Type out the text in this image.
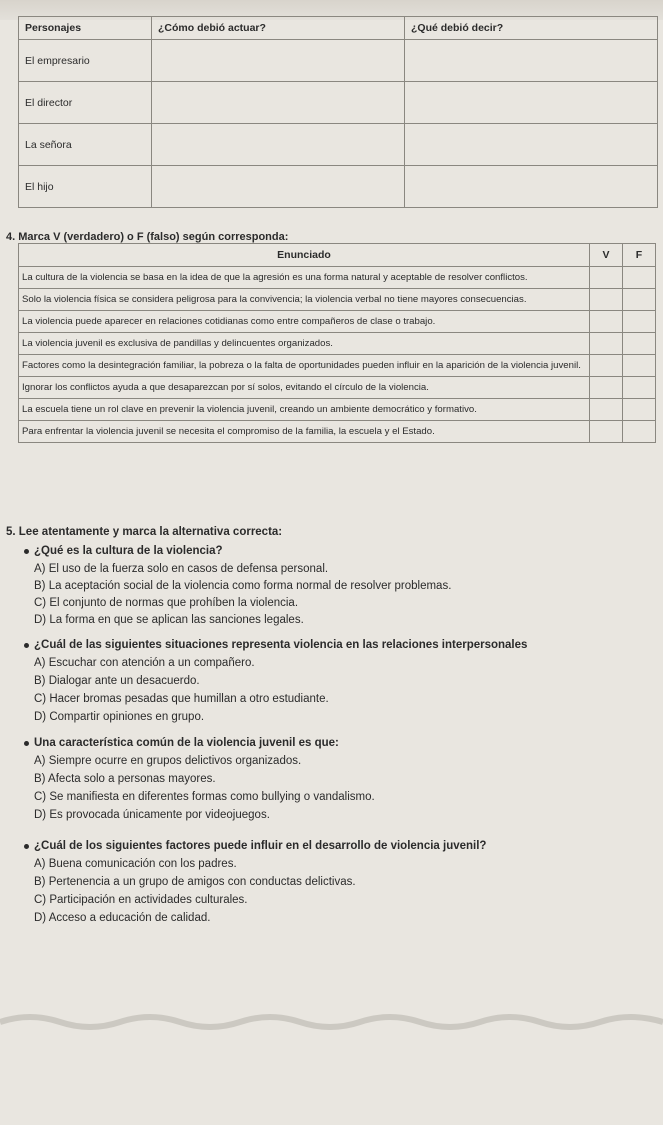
Personajes	¿Cómo debió actuar?	¿Qué debió decir?
El empresario		
El director		
La señora		
El hijo		
4. Marca V (verdadero) o F (falso) según corresponda:
Enunciado	V	F
La cultura de la violencia se basa en la idea de que la agresión es una forma natural y aceptable de resolver conflictos.		
Solo la violencia física se considera peligrosa para la convivencia; la violencia verbal no tiene mayores consecuencias.		
La violencia puede aparecer en relaciones cotidianas como entre compañeros de clase o trabajo.		
La violencia juvenil es exclusiva de pandillas y delincuentes organizados.		
Factores como la desintegración familiar, la pobreza o la falta de oportunidades pueden influir en la aparición de la violencia juvenil.		
Ignorar los conflictos ayuda a que desaparezcan por sí solos, evitando el círculo de la violencia.		
La escuela tiene un rol clave en prevenir la violencia juvenil, creando un ambiente democrático y formativo.		
Para enfrentar la violencia juvenil se necesita el compromiso de la familia, la escuela y el Estado.		
5. Lee atentamente y marca la alternativa correcta:
¿Qué es la cultura de la violencia?
A) El uso de la fuerza solo en casos de defensa personal.
B) La aceptación social de la violencia como forma normal de resolver problemas.
C) El conjunto de normas que prohíben la violencia.
D) La forma en que se aplican las sanciones legales.
¿Cuál de las siguientes situaciones representa violencia en las relaciones interpersonales
A) Escuchar con atención a un compañero.
B) Dialogar ante un desacuerdo.
C) Hacer bromas pesadas que humillan a otro estudiante.
D) Compartir opiniones en grupo.
Una característica común de la violencia juvenil es que:
A) Siempre ocurre en grupos delictivos organizados.
B) Afecta solo a personas mayores.
C) Se manifiesta en diferentes formas como bullying o vandalismo.
D) Es provocada únicamente por videojuegos.
¿Cuál de los siguientes factores puede influir en el desarrollo de violencia juvenil?
A) Buena comunicación con los padres.
B) Pertenencia a un grupo de amigos con conductas delictivas.
C) Participación en actividades culturales.
D) Acceso a educación de calidad.
